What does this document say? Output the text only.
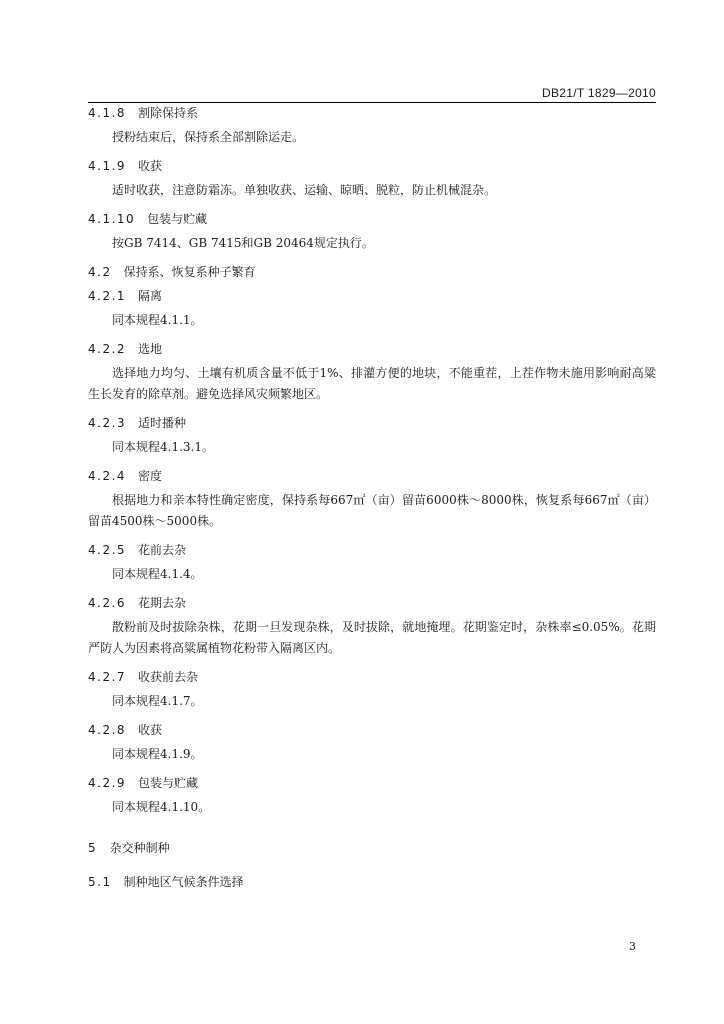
DB21/T 1829—2010
4.1.8 割除保持系

授粉结束后，保持系全部割除运走。

4.1.9 收获

适时收获，注意防霜冻。单独收获、运输、晾晒、脱粒，防止机械混杂。

4.1.10 包装与贮藏

按GB 7414、GB 7415和GB 20464规定执行。

4.2 保持系、恢复系种子繁育
4.2.1 隔离

同本规程4.1.1。

4.2.2 选地

选择地力均匀、土壤有机质含量不低于1%、排灌方便的地块，不能重茬，上茬作物未施用影响耐高粱生长发育的除草剂。避免选择风灾频繁地区。

4.2.3 适时播种

同本规程4.1.3.1。

4.2.4 密度

根据地力和亲本特性确定密度，保持系每667㎡（亩）留苗6000株～8000株，恢复系每667㎡（亩）留苗4500株～5000株。

4.2.5 花前去杂

同本规程4.1.4。

4.2.6 花期去杂

散粉前及时拔除杂株，花期一旦发现杂株，及时拔除，就地掩埋。花期鉴定时，杂株率≤0.05%。花期严防人为因素将高粱属植物花粉带入隔离区内。

4.2.7 收获前去杂

同本规程4.1.7。

4.2.8 收获

同本规程4.1.9。

4.2.9 包装与贮藏

同本规程4.1.10。

5 杂交种制种
5.1 制种地区气候条件选择
3
